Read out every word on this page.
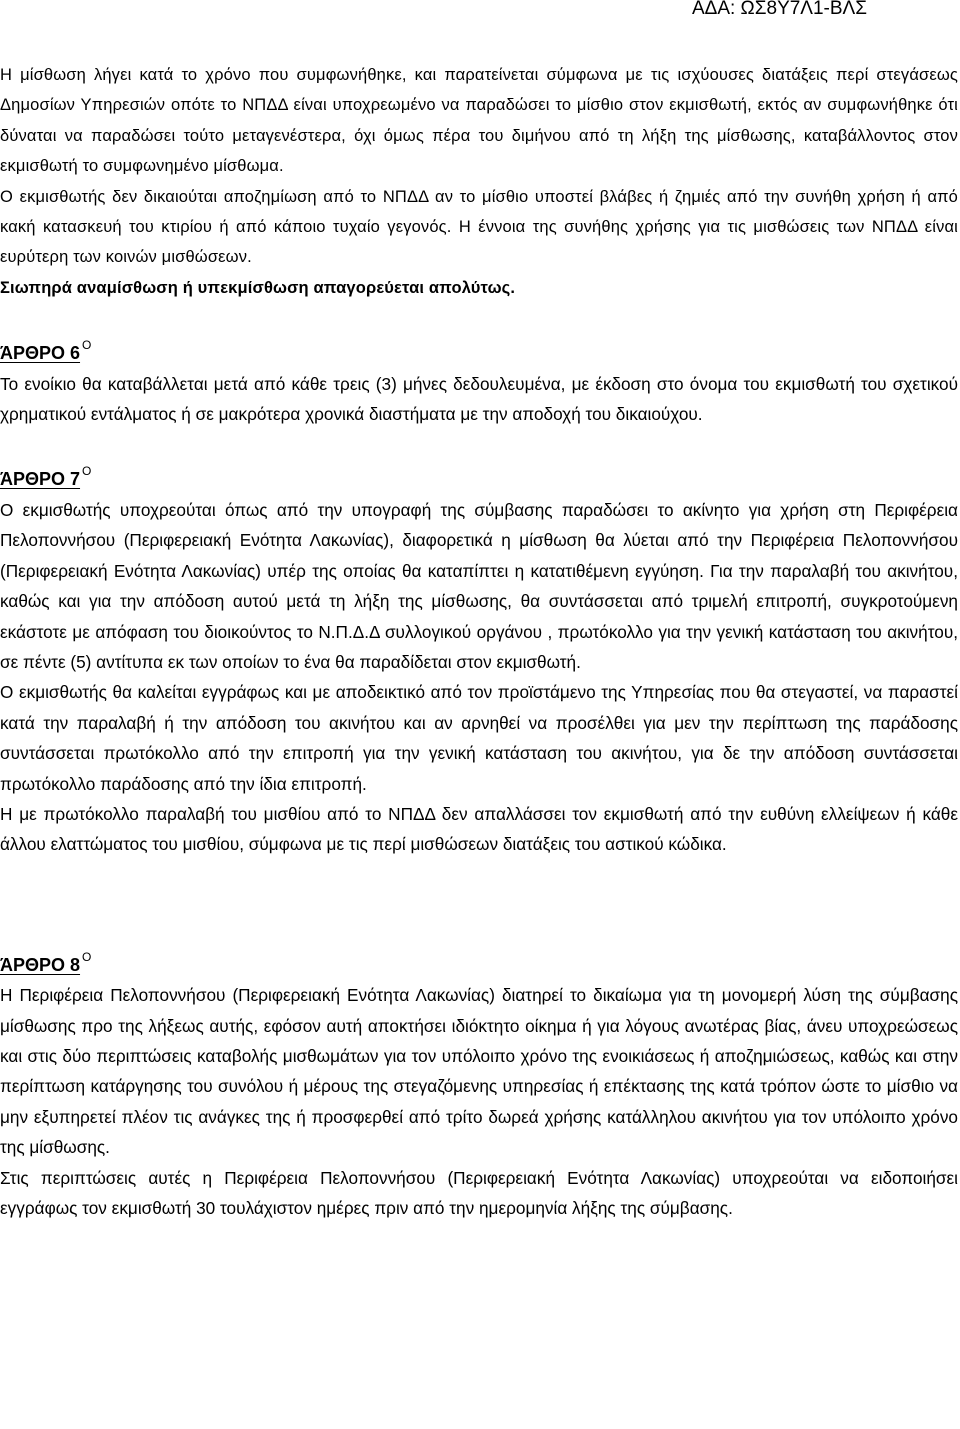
ΑΔΑ: ΩΣ8Υ7Λ1-ΒΛΣ

Η μίσθωση λήγει κατά το χρόνο που συμφωνήθηκε, και παρατείνεται σύμφωνα με τις ισχύουσες διατάξεις περί στεγάσεως Δημοσίων Υπηρεσιών οπότε το ΝΠΔΔ είναι υποχρεωμένο να παραδώσει το μίσθιο στον εκμισθωτή, εκτός αν συμφωνήθηκε ότι δύναται να παραδώσει τούτο μεταγενέστερα, όχι όμως πέρα του διμήνου από τη λήξη της μίσθωσης, καταβάλλοντος στον εκμισθωτή το συμφωνημένο μίσθωμα.

Ο εκμισθωτής δεν δικαιούται αποζημίωση από το ΝΠΔΔ αν το μίσθιο υποστεί βλάβες ή ζημιές από την συνήθη χρήση ή από κακή κατασκευή του κτιρίου ή από κάποιο τυχαίο γεγονός. Η έννοια της συνήθης χρήσης για τις μισθώσεις των ΝΠΔΔ είναι ευρύτερη των κοινών μισθώσεων.

Σιωπηρά αναμίσθωση ή υπεκμίσθωση απαγορεύεται απολύτως.

ΆΡΘΡΟ 6 $^O$

Το ενοίκιο θα καταβάλλεται μετά από κάθε τρεις (3) μήνες δεδουλευμένα, με έκδοση στο όνομα του εκμισθωτή του σχετικού χρηματικού εντάλματος ή σε μακρότερα χρονικά διαστήματα με την αποδοχή του δικαιούχου.

ΆΡΘΡΟ 7 $^O$

Ο εκμισθωτής υποχρεούται όπως από την υπογραφή της σύμβασης παραδώσει το ακίνητο για χρήση στη Περιφέρεια Πελοποννήσου (Περιφερειακή Ενότητα Λακωνίας), διαφορετικά η μίσθωση θα λύεται από την Περιφέρεια Πελοποννήσου (Περιφερειακή Ενότητα Λακωνίας) υπέρ της οποίας θα καταπίπτει η κατατιθέμενη εγγύηση. Για την παραλαβή του ακινήτου, καθώς και για την απόδοση αυτού μετά τη λήξη της μίσθωσης, θα συντάσσεται από τριμελή επιτροπή, συγκροτούμενη εκάστοτε με απόφαση του διοικούντος το Ν.Π.Δ.Δ συλλογικού οργάνου , πρωτόκολλο για την γενική κατάσταση του ακινήτου, σε πέντε (5) αντίτυπα εκ των οποίων το ένα θα παραδίδεται στον εκμισθωτή.

Ο εκμισθωτής θα καλείται εγγράφως και με αποδεικτικό από τον προϊστάμενο της Υπηρεσίας που θα στεγαστεί, να παραστεί κατά την παραλαβή ή την απόδοση του ακινήτου και αν αρνηθεί να προσέλθει για μεν την περίπτωση της παράδοσης συντάσσεται πρωτόκολλο από την επιτροπή για την γενική κατάσταση του ακινήτου, για δε την απόδοση συντάσσεται πρωτόκολλο παράδοσης από την ίδια επιτροπή.

Η με πρωτόκολλο παραλαβή του μισθίου από το ΝΠΔΔ δεν απαλλάσσει τον εκμισθωτή από την ευθύνη ελλείψεων ή κάθε άλλου ελαττώματος του μισθίου, σύμφωνα με τις περί μισθώσεων διατάξεις του αστικού κώδικα.

ΆΡΘΡΟ 8 $^O$

Η Περιφέρεια Πελοποννήσου (Περιφερειακή Ενότητα Λακωνίας) διατηρεί το δικαίωμα για τη μονομερή λύση της σύμβασης μίσθωσης προ της λήξεως αυτής, εφόσον αυτή αποκτήσει ιδιόκτητο οίκημα ή για λόγους ανωτέρας βίας, άνευ υποχρεώσεως και στις δύο περιπτώσεις καταβολής μισθωμάτων για τον υπόλοιπο χρόνο της ενοικιάσεως ή αποζημιώσεως, καθώς και στην περίπτωση κατάργησης του συνόλου ή μέρους της στεγαζόμενης υπηρεσίας ή επέκτασης της κατά τρόπον ώστε το μίσθιο να μην εξυπηρετεί πλέον τις ανάγκες της ή προσφερθεί από τρίτο δωρεά χρήσης κατάλληλου ακινήτου για τον υπόλοιπο χρόνο της μίσθωσης.

Στις περιπτώσεις αυτές η Περιφέρεια Πελοποννήσου (Περιφερειακή Ενότητα Λακωνίας) υποχρεούται να ειδοποιήσει εγγράφως τον εκμισθωτή 30 τουλάχιστον ημέρες πριν από την ημερομηνία λήξης της σύμβασης.
